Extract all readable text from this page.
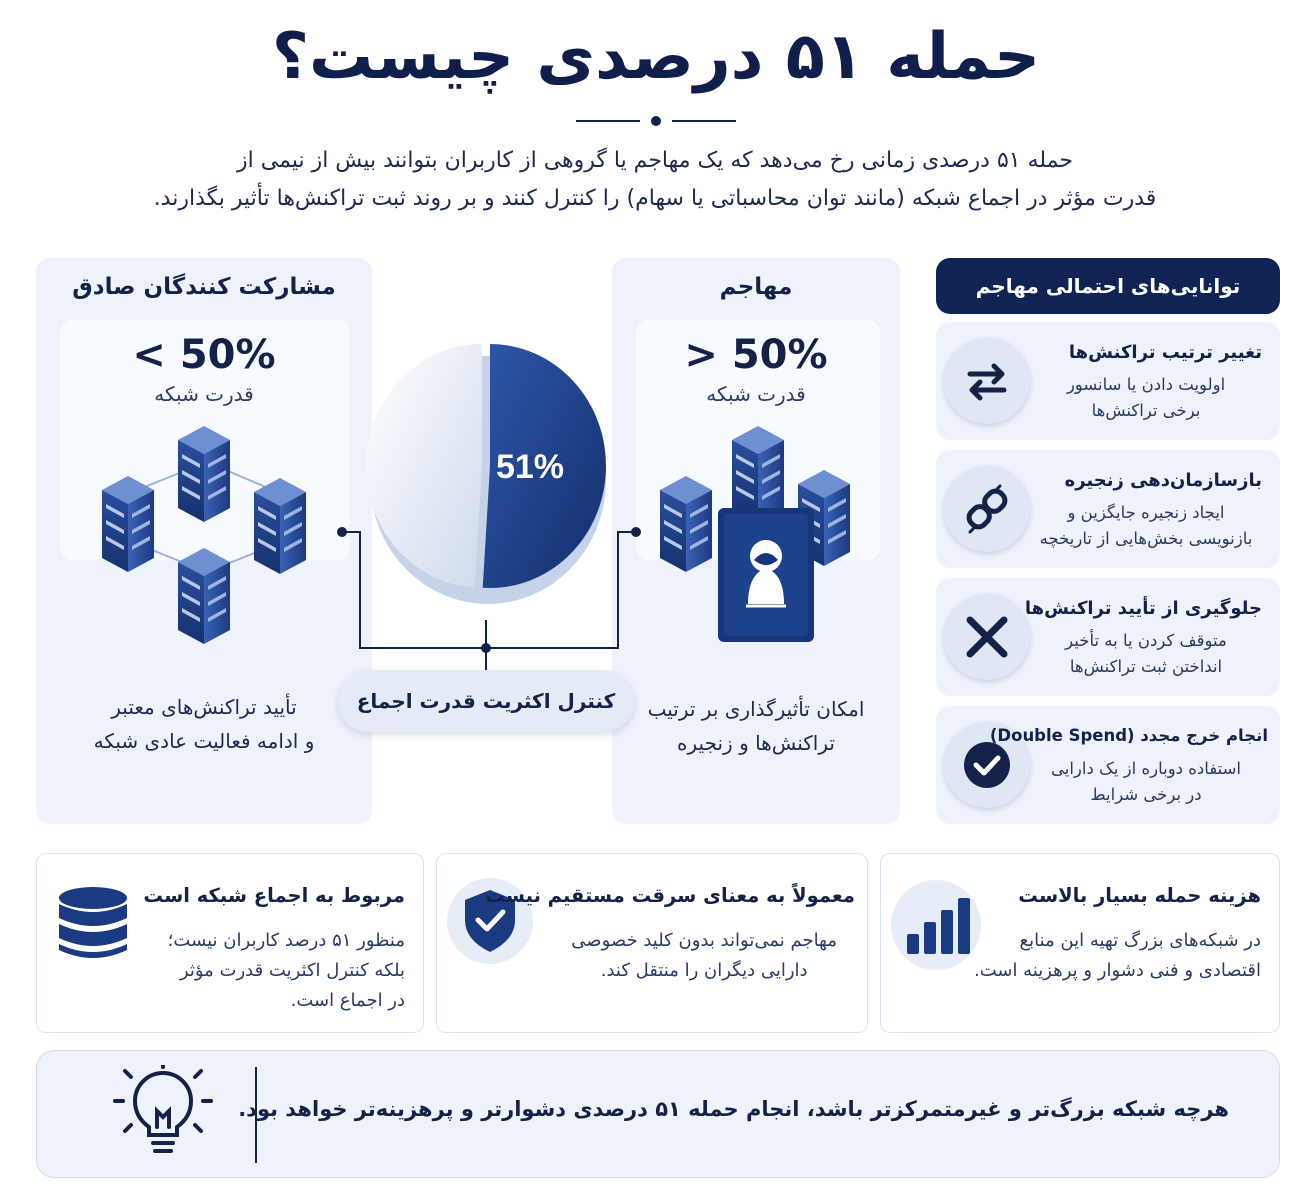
حمله ۵۱ درصدی چیست؟
حمله ۵۱ درصدی زمانی رخ می‌دهد که یک مهاجم یا گروهی از کاربران بتوانند بیش از نیمی از
قدرت مؤثر در اجماع شبکه (مانند توان محاسباتی یا سهام) را کنترل کنند و بر روند ثبت تراکنش‌ها تأثیر بگذارند.
مشارکت کنندگان صادق
< 50%
قدرت شبکه
تأیید تراکنش‌های معتبر
و ادامه فعالیت عادی شبکه
مهاجم
> 50%
قدرت شبکه
امکان تأثیرگذاری بر ترتیب
تراکنش‌ها و زنجیره
51%
کنترل اکثریت قدرت اجماع
توانایی‌های احتمالی مهاجم
تغییر ترتیب تراکنش‌ها
اولویت دادن یا سانسور
برخی تراکنش‌ها
بازسازمان‌دهی زنجیره
ایجاد زنجیره جایگزین و
بازنویسی بخش‌هایی از تاریخچه
جلوگیری از تأیید تراکنش‌ها
متوقف کردن یا به تأخیر
انداختن ثبت تراکنش‌ها
انجام خرج مجدد (Double Spend)
استفاده دوباره از یک دارایی
در برخی شرایط
مربوط به اجماع شبکه است
منظور ۵۱ درصد کاربران نیست؛
بلکه کنترل اکثریت قدرت مؤثر
در اجماع است.
معمولاً به معنای سرقت مستقیم نیست
مهاجم نمی‌تواند بدون کلید خصوصی
دارایی دیگران را منتقل کند.
هزینه حمله بسیار بالاست
در شبکه‌های بزرگ تهیه این منابع
اقتصادی و فنی دشوار و پرهزینه است.
هرچه شبکه بزرگ‌تر و غیرمتمرکزتر باشد، انجام حمله ۵۱ درصدی دشوارتر و پرهزینه‌تر خواهد بود.
